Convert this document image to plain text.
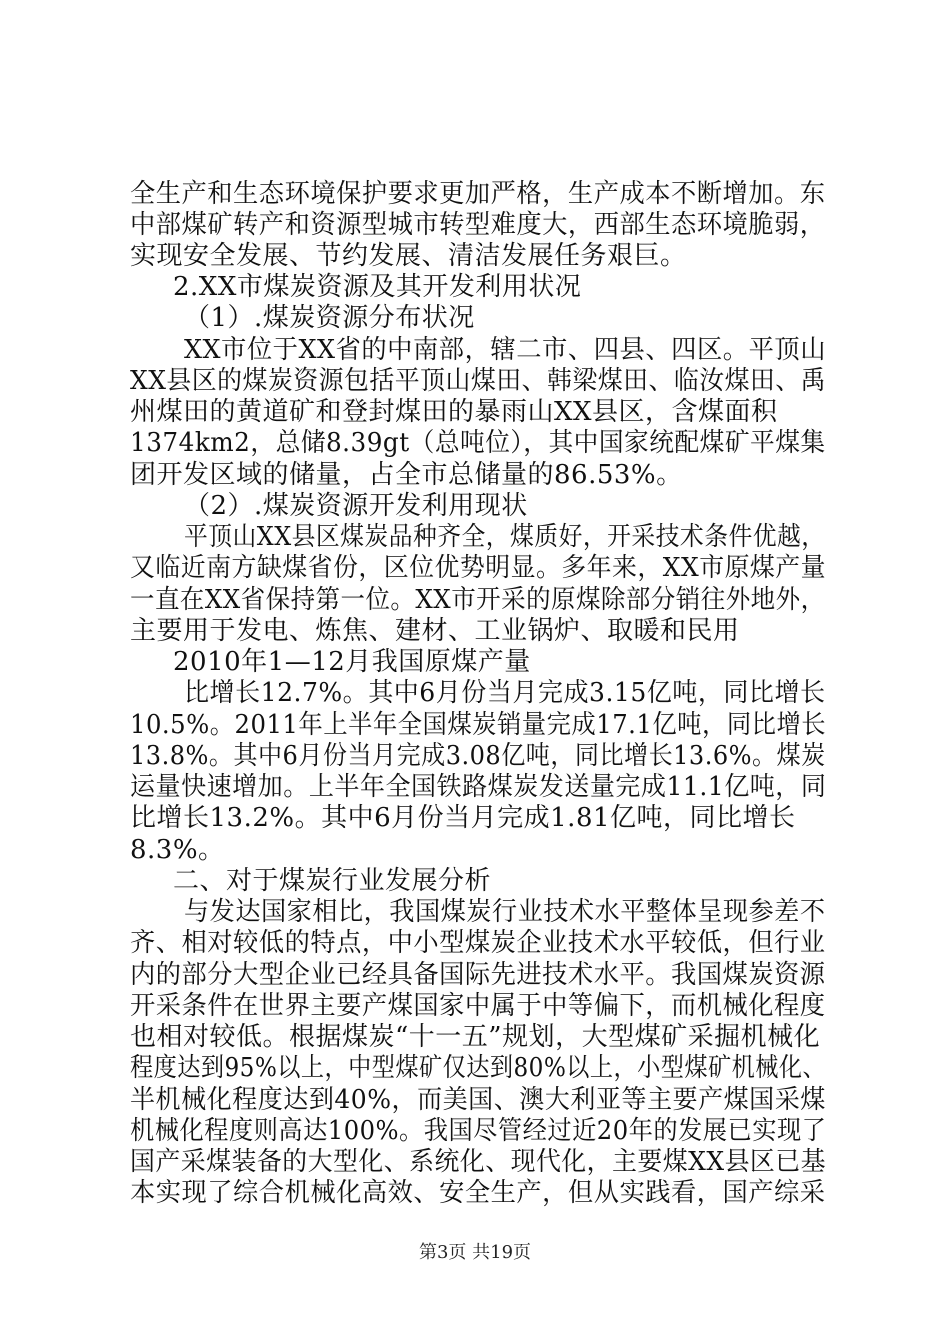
全生产和生态环境保护要求更加严格，生产成本不断增加。东
中部煤矿转产和资源型城市转型难度大，西部生态环境脆弱，
实现安全发展、节约发展、清洁发展任务艰巨。
2.XX市煤炭资源及其开发利用状况
（1）.煤炭资源分布状况
XX市位于XX省的中南部，辖二市、四县、四区。平顶山
XX县区的煤炭资源包括平顶山煤田、韩梁煤田、临汝煤田、禹
州煤田的黄道矿和登封煤田的暴雨山XX县区，含煤面积
1374km2，总储8.39gt（总吨位），其中国家统配煤矿平煤集
团开发区域的储量，占全市总储量的86.53%。
（2）.煤炭资源开发利用现状
平顶山XX县区煤炭品种齐全，煤质好，开采技术条件优越，
又临近南方缺煤省份，区位优势明显。多年来，XX市原煤产量
一直在XX省保持第一位。XX市开采的原煤除部分销往外地外，
主要用于发电、炼焦、建材、工业锅炉、取暖和民用
2010年1—12月我国原煤产量
比增长12.7%。其中6月份当月完成3.15亿吨，同比增长
10.5%。2011年上半年全国煤炭销量完成17.1亿吨，同比增长
13.8%。其中6月份当月完成3.08亿吨，同比增长13.6%。煤炭
运量快速增加。上半年全国铁路煤炭发送量完成11.1亿吨，同
比增长13.2%。其中6月份当月完成1.81亿吨，同比增长
8.3%。
二、对于煤炭行业发展分析
与发达国家相比，我国煤炭行业技术水平整体呈现参差不
齐、相对较低的特点，中小型煤炭企业技术水平较低，但行业
内的部分大型企业已经具备国际先进技术水平。我国煤炭资源
开采条件在世界主要产煤国家中属于中等偏下，而机械化程度
也相对较低。根据煤炭“十一五”规划，大型煤矿采掘机械化
程度达到95%以上，中型煤矿仅达到80%以上，小型煤矿机械化、
半机械化程度达到40%，而美国、澳大利亚等主要产煤国采煤
机械化程度则高达100%。我国尽管经过近20年的发展已实现了
国产采煤装备的大型化、系统化、现代化，主要煤XX县区已基
本实现了综合机械化高效、安全生产，但从实践看，国产综采
第3页 共19页
